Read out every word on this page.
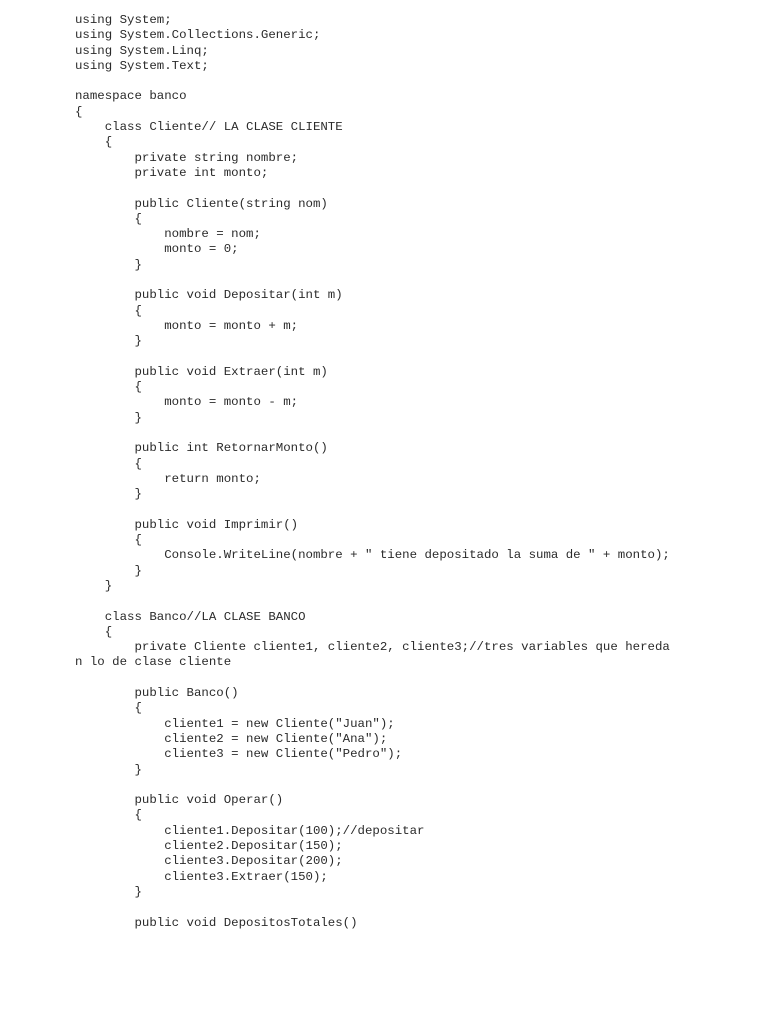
using System;
using System.Collections.Generic;
using System.Linq;
using System.Text;
namespace banco
{
class Cliente// LA CLASE CLIENTE
{
private string nombre;
private int monto;
public Cliente(string nom)
{
nombre = nom;
monto = 0;
}
public void Depositar(int m)
{
monto = monto + m;
}
public void Extraer(int m)
{
monto = monto - m;
}
public int RetornarMonto()
{
return monto;
}
public void Imprimir()
{
Console.WriteLine(nombre + " tiene depositado la suma de " + monto);
}
}
class Banco//LA CLASE BANCO
{
private Cliente cliente1, cliente2, cliente3;//tres variables que hereda
n lo de clase cliente
public Banco()
{
cliente1 = new Cliente("Juan");
cliente2 = new Cliente("Ana");
cliente3 = new Cliente("Pedro");
}
public void Operar()
{
cliente1.Depositar(100);//depositar
cliente2.Depositar(150);
cliente3.Depositar(200);
cliente3.Extraer(150);
}
public void DepositosTotales()
